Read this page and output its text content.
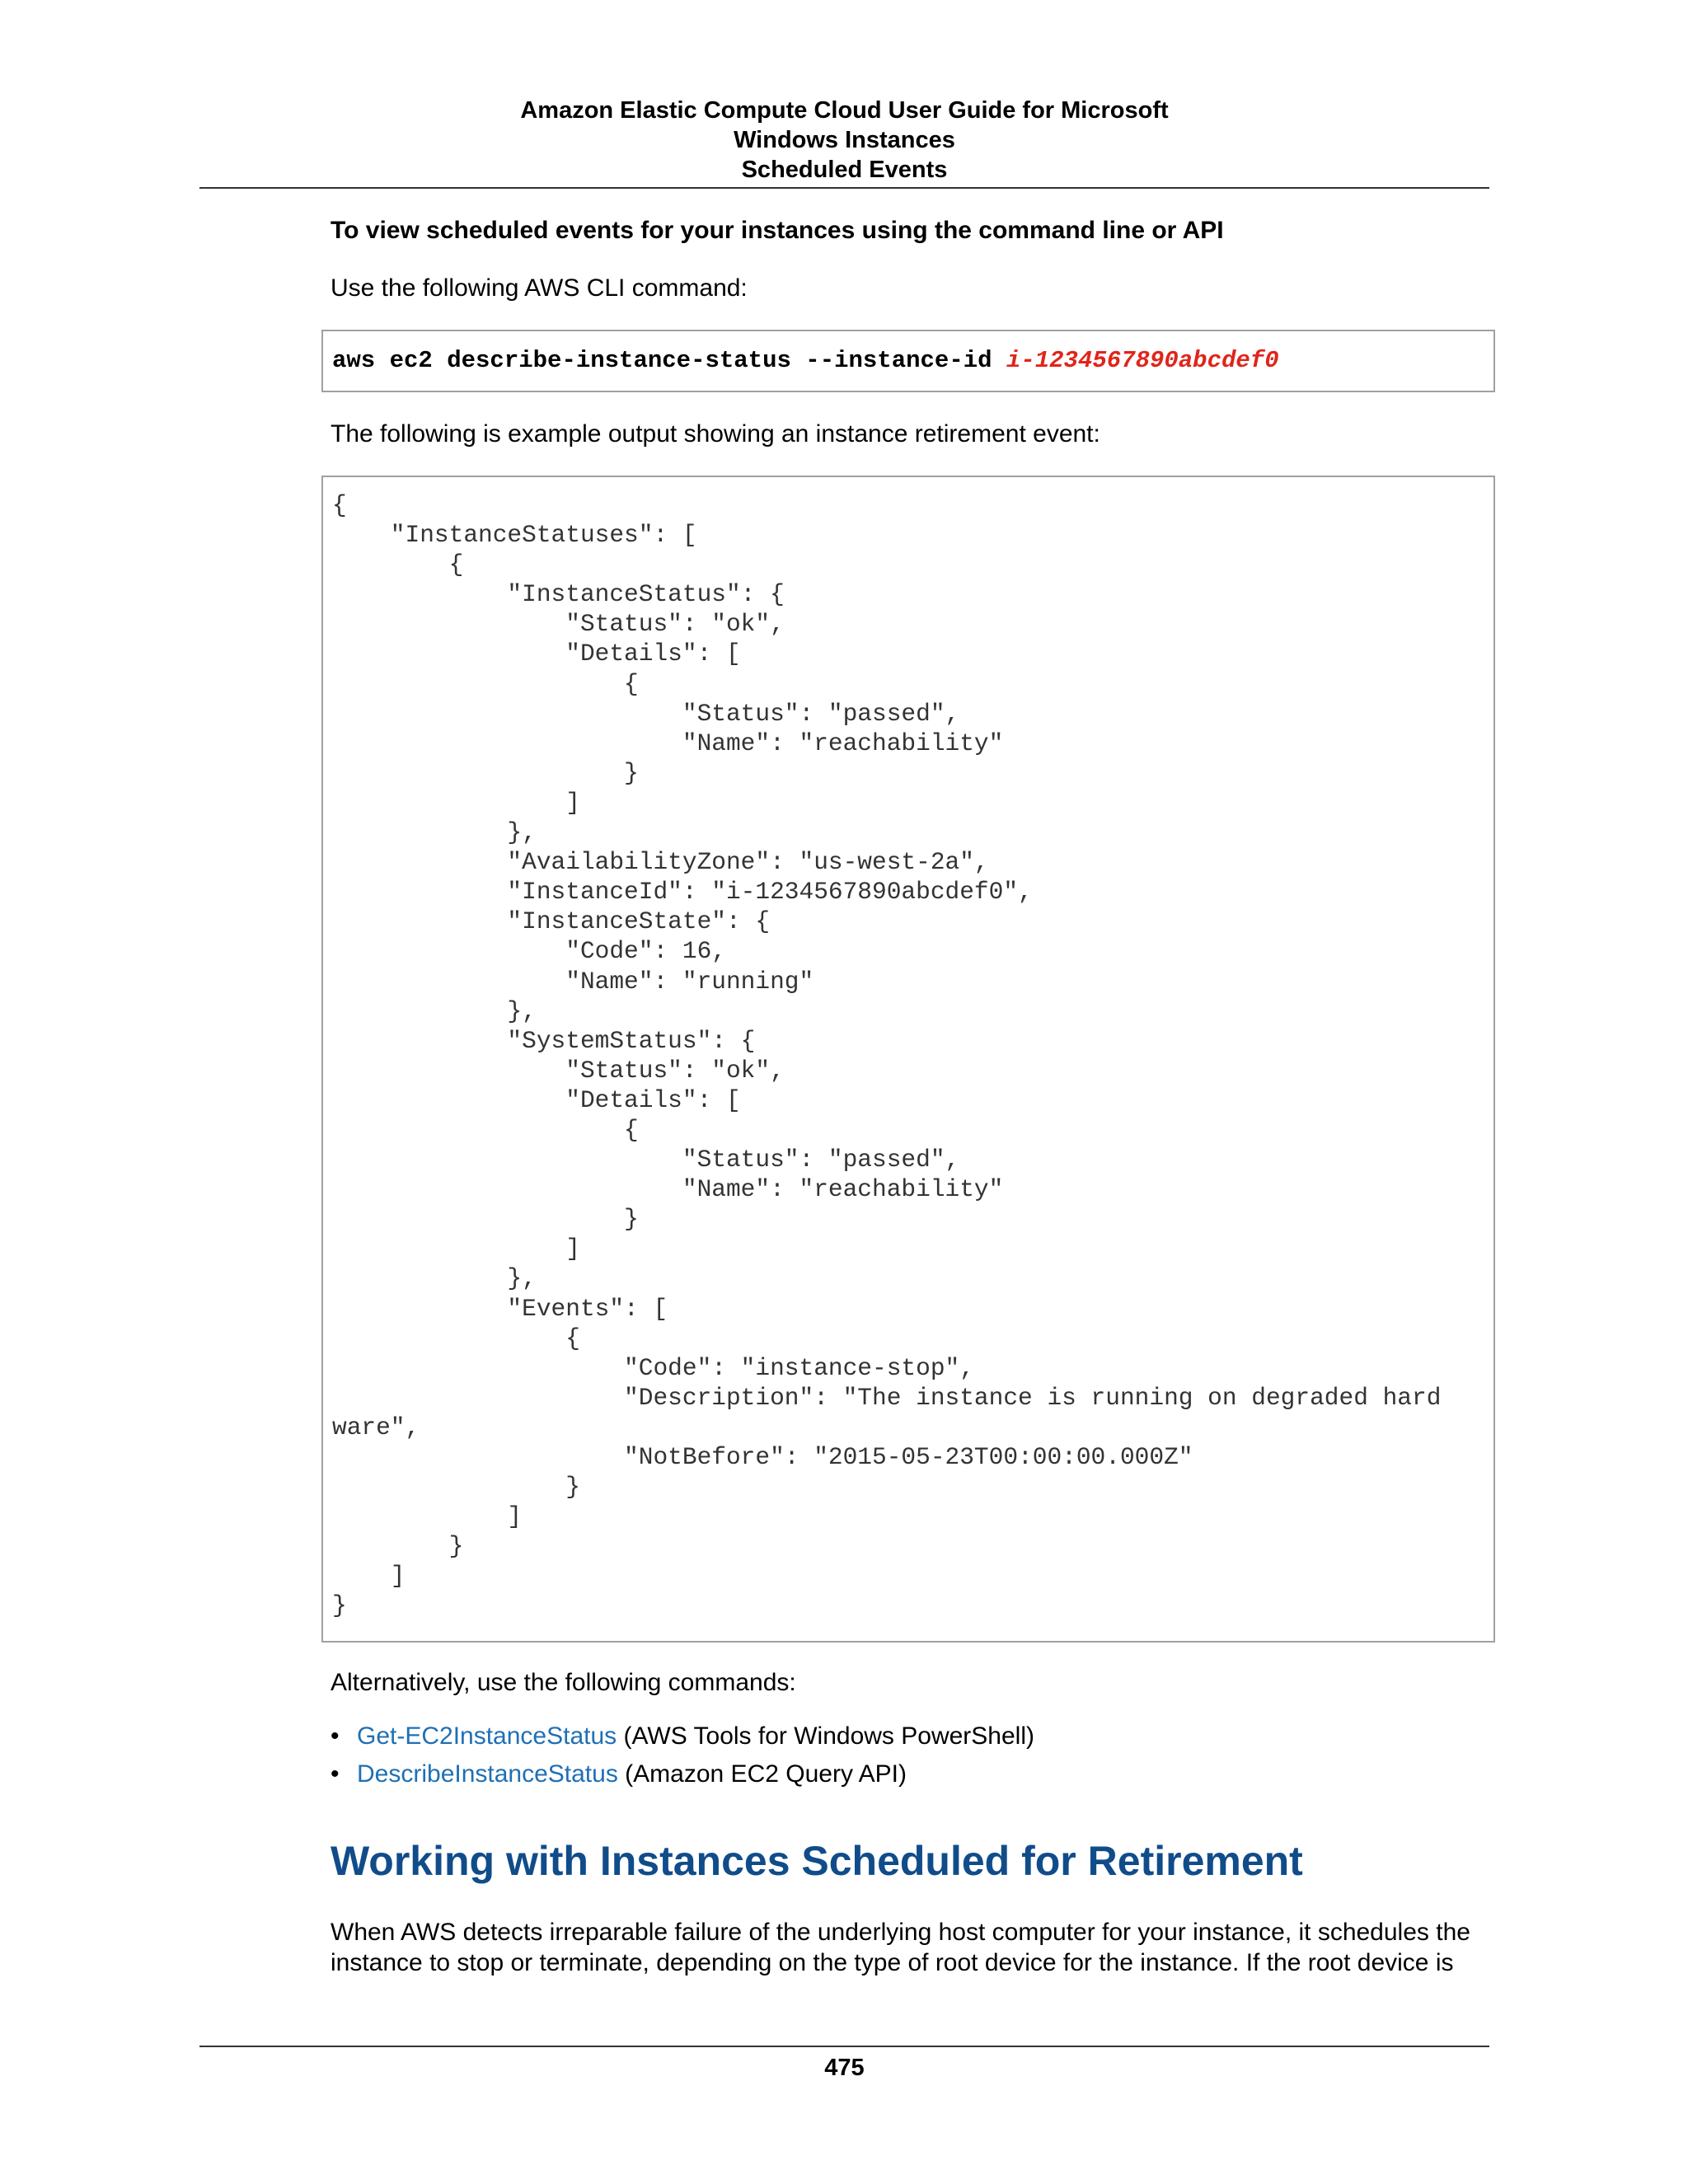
Amazon Elastic Compute Cloud User Guide for Microsoft
Windows Instances
Scheduled Events
To view scheduled events for your instances using the command line or API
Use the following AWS CLI command:
aws ec2 describe-instance-status --instance-id i-1234567890abcdef0
The following is example output showing an instance retirement event:
{
"InstanceStatuses": [
{
"InstanceStatus": {
"Status": "ok",
"Details": [
{
"Status": "passed",
"Name": "reachability"
}
]
},
"AvailabilityZone": "us-west-2a",
"InstanceId": "i-1234567890abcdef0",
"InstanceState": {
"Code": 16,
"Name": "running"
},
"SystemStatus": {
"Status": "ok",
"Details": [
{
"Status": "passed",
"Name": "reachability"
}
]
},
"Events": [
{
"Code": "instance-stop",
"Description": "The instance is running on degraded hard
ware",
"NotBefore": "2015-05-23T00:00:00.000Z"
}
]
}
]
}

Alternatively, use the following commands:
• Get-EC2InstanceStatus (AWS Tools for Windows PowerShell)
• DescribeInstanceStatus (Amazon EC2 Query API)
Working with Instances Scheduled for Retirement
When AWS detects irreparable failure of the underlying host computer for your instance, it schedules the
instance to stop or terminate, depending on the type of root device for the instance. If the root device is
475
